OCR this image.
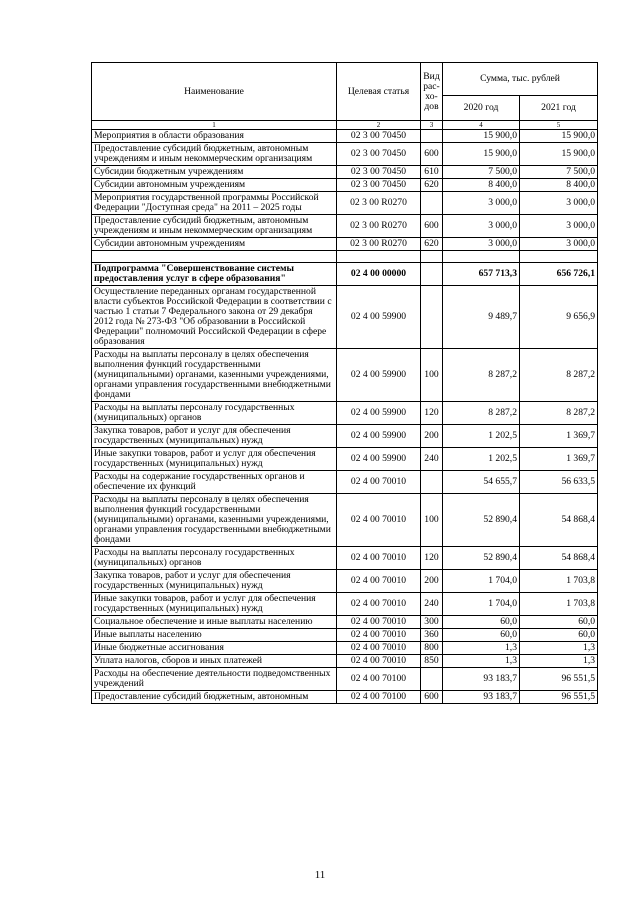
Наименование	Целевая статья	Вид рас-хо-дов	Сумма, тыс. рублей	
			2020 год	2021 год
1	2	3	4	5
Мероприятия в области образования	02 3 00 70450		15 900,0	15 900,0
Предоставление субсидий бюджетным, автономным учреждениям и иным некоммерческим организациям	02 3 00 70450	600	15 900,0	15 900,0
Субсидии бюджетным учреждениям	02 3 00 70450	610	7 500,0	7 500,0
Субсидии автономным учреждениям	02 3 00 70450	620	8 400,0	8 400,0
Мероприятия государственной программы Российской Федерации "Доступная среда" на 2011 – 2025 годы	02 3 00 R0270		3 000,0	3 000,0
Предоставление субсидий бюджетным, автономным учреждениям и иным некоммерческим организациям	02 3 00 R0270	600	3 000,0	3 000,0
Субсидии автономным учреждениям	02 3 00 R0270	620	3 000,0	3 000,0

Подпрограмма "Совершенствование системы предоставления услуг в сфере образования"	02 4 00 00000		657 713,3	656 726,1
Осуществление переданных органам государственной власти субъектов Российской Федерации в соответствии с частью 1 статьи 7 Федерального закона от 29 декабря 2012 года № 273-ФЗ "Об образовании в Российской Федерации" полномочий Российской Федерации в сфере образования	02 4 00 59900		9 489,7	9 656,9
Расходы на выплаты персоналу в целях обеспечения выполнения функций государственными (муниципальными) органами, казенными учреждениями, органами управления государственными внебюджетными фондами	02 4 00 59900	100	8 287,2	8 287,2
Расходы на выплаты персоналу государственных (муниципальных) органов	02 4 00 59900	120	8 287,2	8 287,2
Закупка товаров, работ и услуг для обеспечения государственных (муниципальных) нужд	02 4 00 59900	200	1 202,5	1 369,7
Иные закупки товаров, работ и услуг для обеспечения государственных (муниципальных) нужд	02 4 00 59900	240	1 202,5	1 369,7
Расходы на содержание государственных органов и обеспечение их функций	02 4 00 70010		54 655,7	56 633,5
Расходы на выплаты персоналу в целях обеспечения выполнения функций государственными (муниципальными) органами, казенными учреждениями, органами управления государственными внебюджетными фондами	02 4 00 70010	100	52 890,4	54 868,4
Расходы на выплаты персоналу государственных (муниципальных) органов	02 4 00 70010	120	52 890,4	54 868,4
Закупка товаров, работ и услуг для обеспечения государственных (муниципальных) нужд	02 4 00 70010	200	1 704,0	1 703,8
Иные закупки товаров, работ и услуг для обеспечения государственных (муниципальных) нужд	02 4 00 70010	240	1 704,0	1 703,8
Социальное обеспечение и иные выплаты населению	02 4 00 70010	300	60,0	60,0
Иные выплаты населению	02 4 00 70010	360	60,0	60,0
Иные бюджетные ассигнования	02 4 00 70010	800	1,3	1,3
Уплата налогов, сборов и иных платежей	02 4 00 70010	850	1,3	1,3
Расходы на обеспечение деятельности подведомственных учреждений	02 4 00 70100		93 183,7	96 551,5
Предоставление субсидий бюджетным, автономным	02 4 00 70100	600	93 183,7	96 551,5
11
